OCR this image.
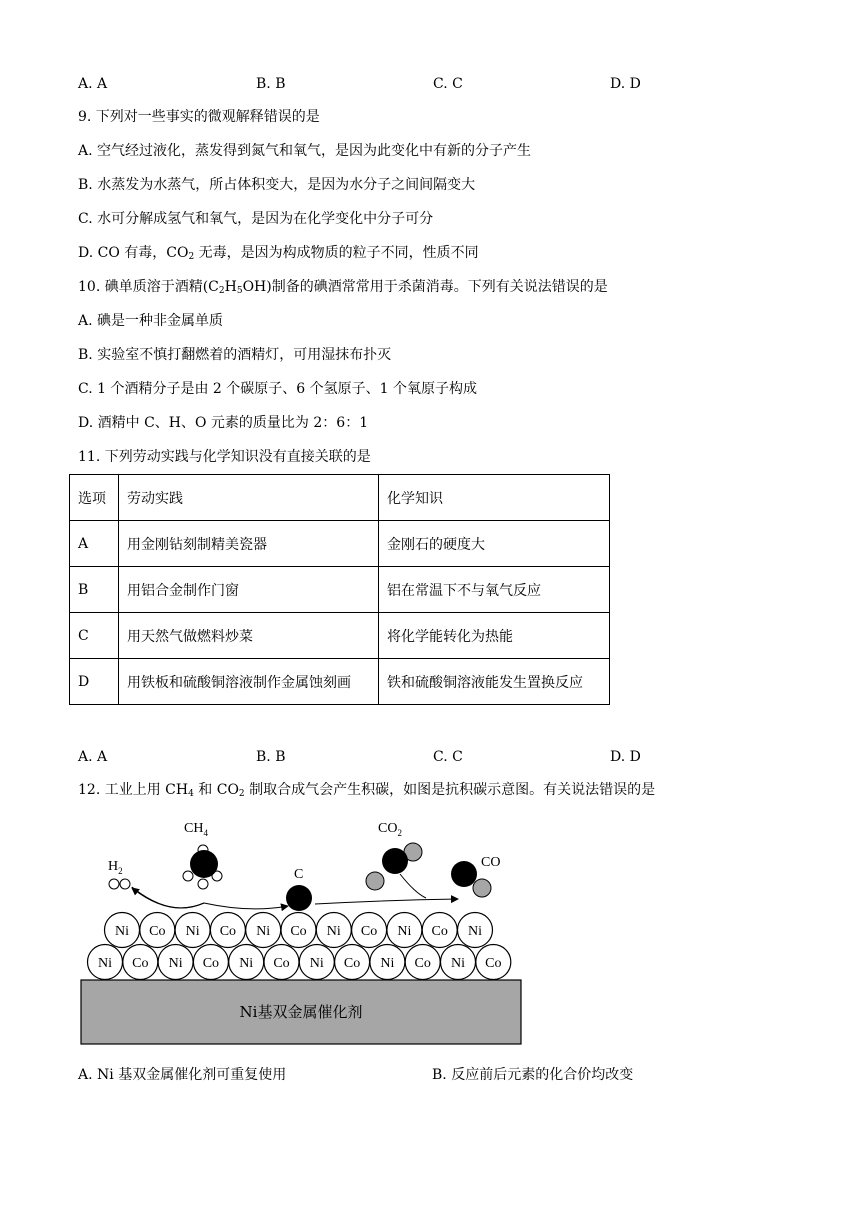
A. A	B. B	C. C	D. D
9. 下列对一些事实的微观解释错误的是
A. 空气经过液化，蒸发得到氮气和氧气，是因为此变化中有新的分子产生
B. 水蒸发为水蒸气，所占体积变大，是因为水分子之间间隔变大
C. 水可分解成氢气和氧气，是因为在化学变化中分子可分
D. CO 有毒，$CO_2$ 无毒，是因为构成物质的粒子不同，性质不同
10. 碘单质溶于酒精$(C_2H_5OH)$制备的碘酒常常用于杀菌消毒。下列有关说法错误的是
A. 碘是一种非金属单质
B. 实验室不慎打翻燃着的酒精灯，可用湿抹布扑灭
C. 1 个酒精分子是由 2 个碳原子、6 个氢原子、1 个氧原子构成
D. 酒精中 C、H、O 元素的质量比为 2：6：1
11. 下列劳动实践与化学知识没有直接关联的是
选项	劳动实践	化学知识
A	用金刚钻刻制精美瓷器	金刚石的硬度大
B	用铝合金制作门窗	铝在常温下不与氧气反应
C	用天然气做燃料炒菜	将化学能转化为热能
D	用铁板和硫酸铜溶液制作金属蚀刻画	铁和硫酸铜溶液能发生置换反应
A. A	B. B	C. C	D. D
12. 工业上用 $CH_4$ 和 $CO_2$ 制取合成气会产生积碳，如图是抗积碳示意图。有关说法错误的是
Ni基双金属催化剂
Ni Co Ni Co Ni Co Ni Co Ni Co Ni Co
Ni Co Ni Co Ni Co Ni Co Ni Co Ni
$H_2$
$CH_4$
C
$CO_2$
CO
A. Ni 基双金属催化剂可重复使用	B. 反应前后元素的化合价均改变
